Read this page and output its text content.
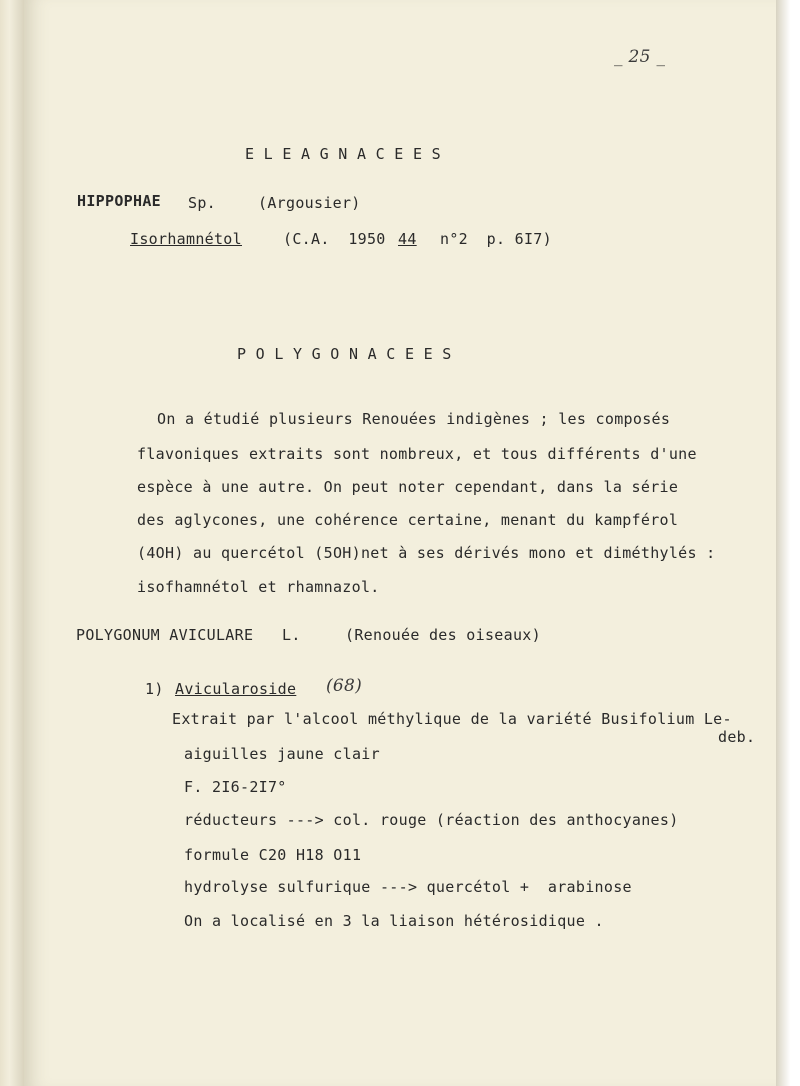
_ 25 _
E L E A G N A C E E S
HIPPOPHAE Sp.	(Argousier)
Isorhamnétol	(C.A.  1950 44 n°2  p. 6I7)
P O L Y G O N A C E E S
On a étudié plusieurs Renouées indigènes ; les composés
flavoniques extraits sont nombreux, et tous différents d'une
espèce à une autre. On peut noter cependant, dans la série
des aglycones, une cohérence certaine, menant du kampférol
(4OH) au quercétol (5OH)net à ses dérivés mono et diméthylés :
isofhamnétol et rhamnazol.
POLYGONUM AVICULARE L.	(Renouée des oiseaux)
1) Avicularoside (68)
Extrait par l'alcool méthylique de la variété Busifolium Le-
deb.
aiguilles jaune clair
F. 2I6-2I7°
réducteurs ---> col. rouge (réaction des anthocyanes)
formule C20 H18 O11
hydrolyse sulfurique ---> quercétol +  arabinose
On a localisé en 3 la liaison hétérosidique .
